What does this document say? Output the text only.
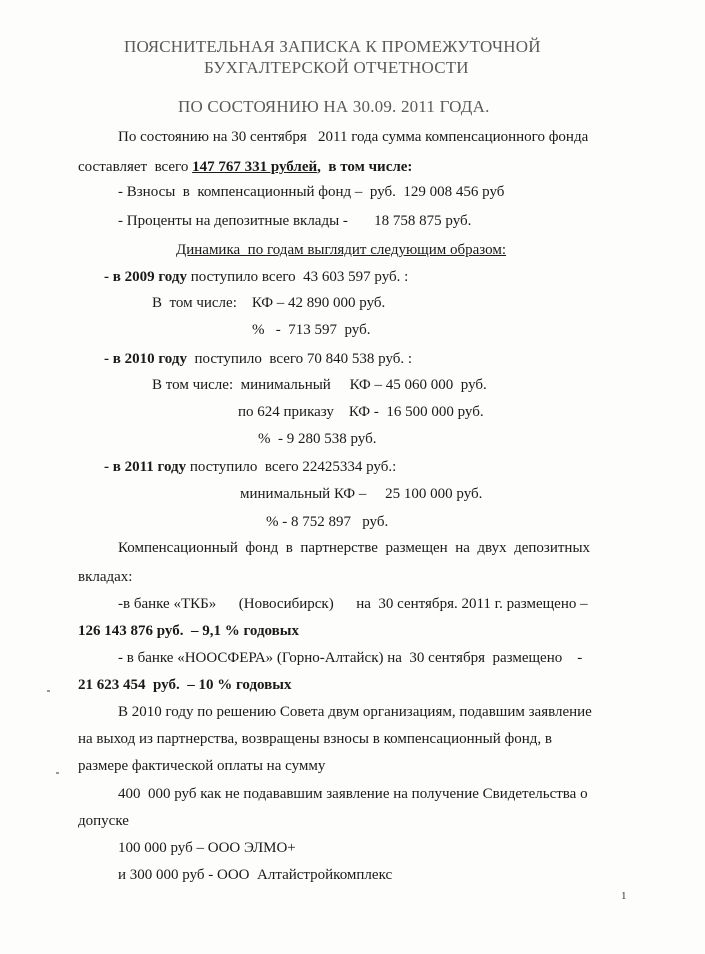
ПОЯСНИТЕЛЬНАЯ ЗАПИСКА К ПРОМЕЖУТОЧНОЙ
БУХГАЛТЕРСКОЙ ОТЧЕТНОСТИ
ПО СОСТОЯНИЮ НА 30.09. 2011 ГОДА.
По состоянию на 30 сентября   2011 года сумма компенсационного фонда
составляет  всего 147 767 331 рублей,  в том числе:
- Взносы  в  компенсационный фонд –  руб.  129 008 456 руб
- Проценты на депозитные вклады -       18 758 875 руб.
Динамика  по годам выглядит следующим образом:
- в 2009 году поступило всего  43 603 597 руб. :
В  том числе:    КФ – 42 890 000 руб.
%   -  713 597  руб.
- в 2010 году  поступило  всего 70 840 538 руб. :
В том числе:  минимальный     КФ – 45 060 000  руб.
по 624 приказу    КФ -  16 500 000 руб.
%  - 9 280 538 руб.
- в 2011 году поступило  всего 22425334 руб.:
минимальный КФ –     25 100 000 руб.
% - 8 752 897   руб.
Компенсационный  фонд  в  партнерстве  размещен  на  двух  депозитных
вкладах:
-в банке «ТКБ»      (Новосибирск)      на  30 сентября. 2011 г. размещено –
126 143 876 руб.  – 9,1 % годовых
- в банке «НООСФЕРА» (Горно-Алтайск) на  30 сентября  размещено    -
21 623 454  руб.  – 10 % годовых
В 2010 году по решению Совета двум организациям, подавшим заявление
на выход из партнерства, возвращены взносы в компенсационный фонд, в
размере фактической оплаты на сумму
400  000 руб как не подававшим заявление на получение Свидетельства о
допуске
100 000 руб – ООО ЭЛМО+
и 300 000 руб - ООО  Алтайстройкомплекс
1
